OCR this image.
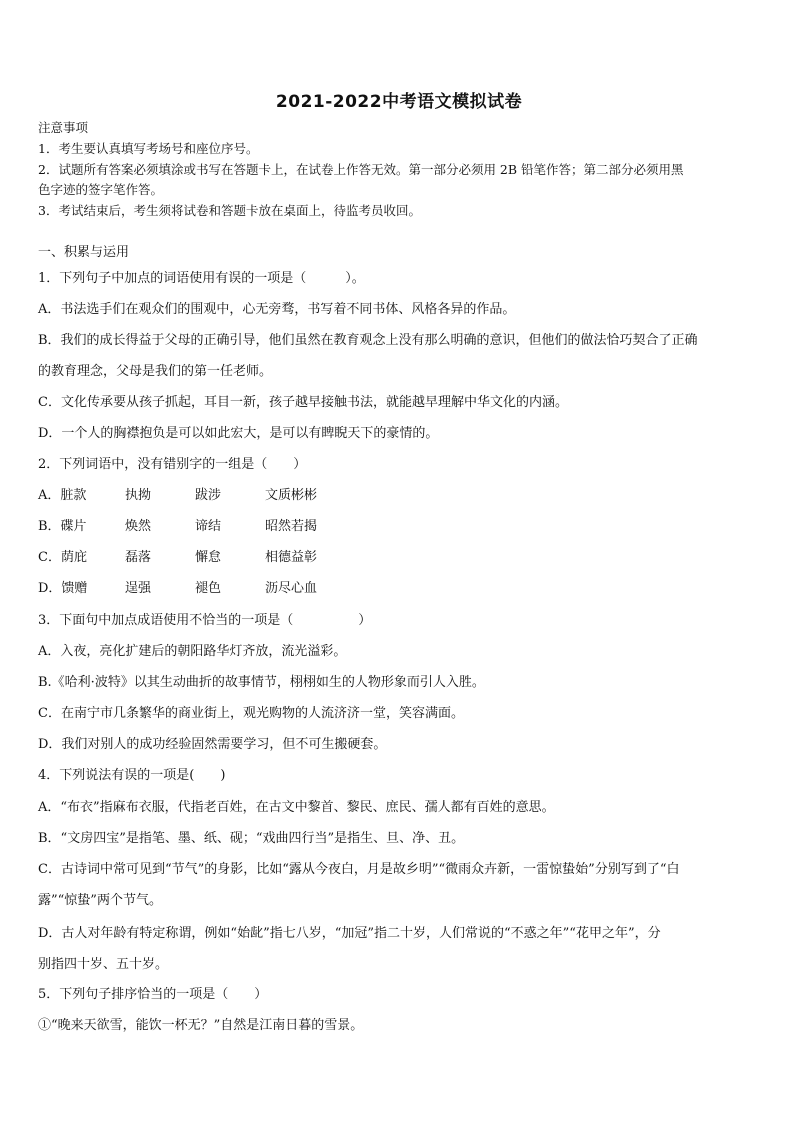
2021-2022中考语文模拟试卷
注意事项
1．考生要认真填写考场号和座位序号。
2．试题所有答案必须填涂或书写在答题卡上，在试卷上作答无效。第一部分必须用 2B 铅笔作答；第二部分必须用黑
色字迹的签字笔作答。
3．考试结束后，考生须将试卷和答题卡放在桌面上，待监考员收回。
一、积累与运用
1．下列句子中加点的词语使用有误的一项是（　　　）。
A．书法选手们在观众们的围观中，心无旁骛，书写着不同书体、风格各异的作品。
B．我们的成长得益于父母的正确引导，他们虽然在教育观念上没有那么明确的意识，但他们的做法恰巧契合了正确
的教育理念，父母是我们的第一任老师。
C．文化传承要从孩子抓起，耳目一新，孩子越早接触书法，就能越早理解中华文化的内涵。
D．一个人的胸襟抱负是可以如此宏大，是可以有睥睨天下的豪情的。
2．下列词语中，没有错别字的一组是（　　）
A．脏款	执拗	跋涉	文质彬彬
B．碟片	焕然	谛结	昭然若揭
C．荫庇	磊落	懈怠	相德益彰
D．馈赠	逞强	褪色	沥尽心血
3．下面句中加点成语使用不恰当的一项是（　　　　　）
A．入夜，亮化扩建后的朝阳路华灯齐放，流光溢彩。
B.《哈利·波特》以其生动曲折的故事情节，栩栩如生的人物形象而引人入胜。
C．在南宁市几条繁华的商业街上，观光购物的人流济济一堂，笑容满面。
D．我们对别人的成功经验固然需要学习，但不可生搬硬套。
4．下列说法有误的一项是(　　)
A．“布衣”指麻布衣服，代指老百姓，在古文中黎首、黎民、庶民、孺人都有百姓的意思。
B．“文房四宝”是指笔、墨、纸、砚；“戏曲四行当”是指生、旦、净、丑。
C．古诗词中常可见到“节气”的身影，比如“露从今夜白，月是故乡明”“微雨众卉新，一雷惊蛰始”分别写到了“白
露”“惊蛰”两个节气。
D．古人对年龄有特定称谓，例如“始龀”指七八岁，“加冠”指二十岁，人们常说的“不惑之年”“花甲之年”，分
别指四十岁、五十岁。
5．下列句子排序恰当的一项是（　　）
①“晚来天欲雪，能饮一杯无？”自然是江南日暮的雪景。
